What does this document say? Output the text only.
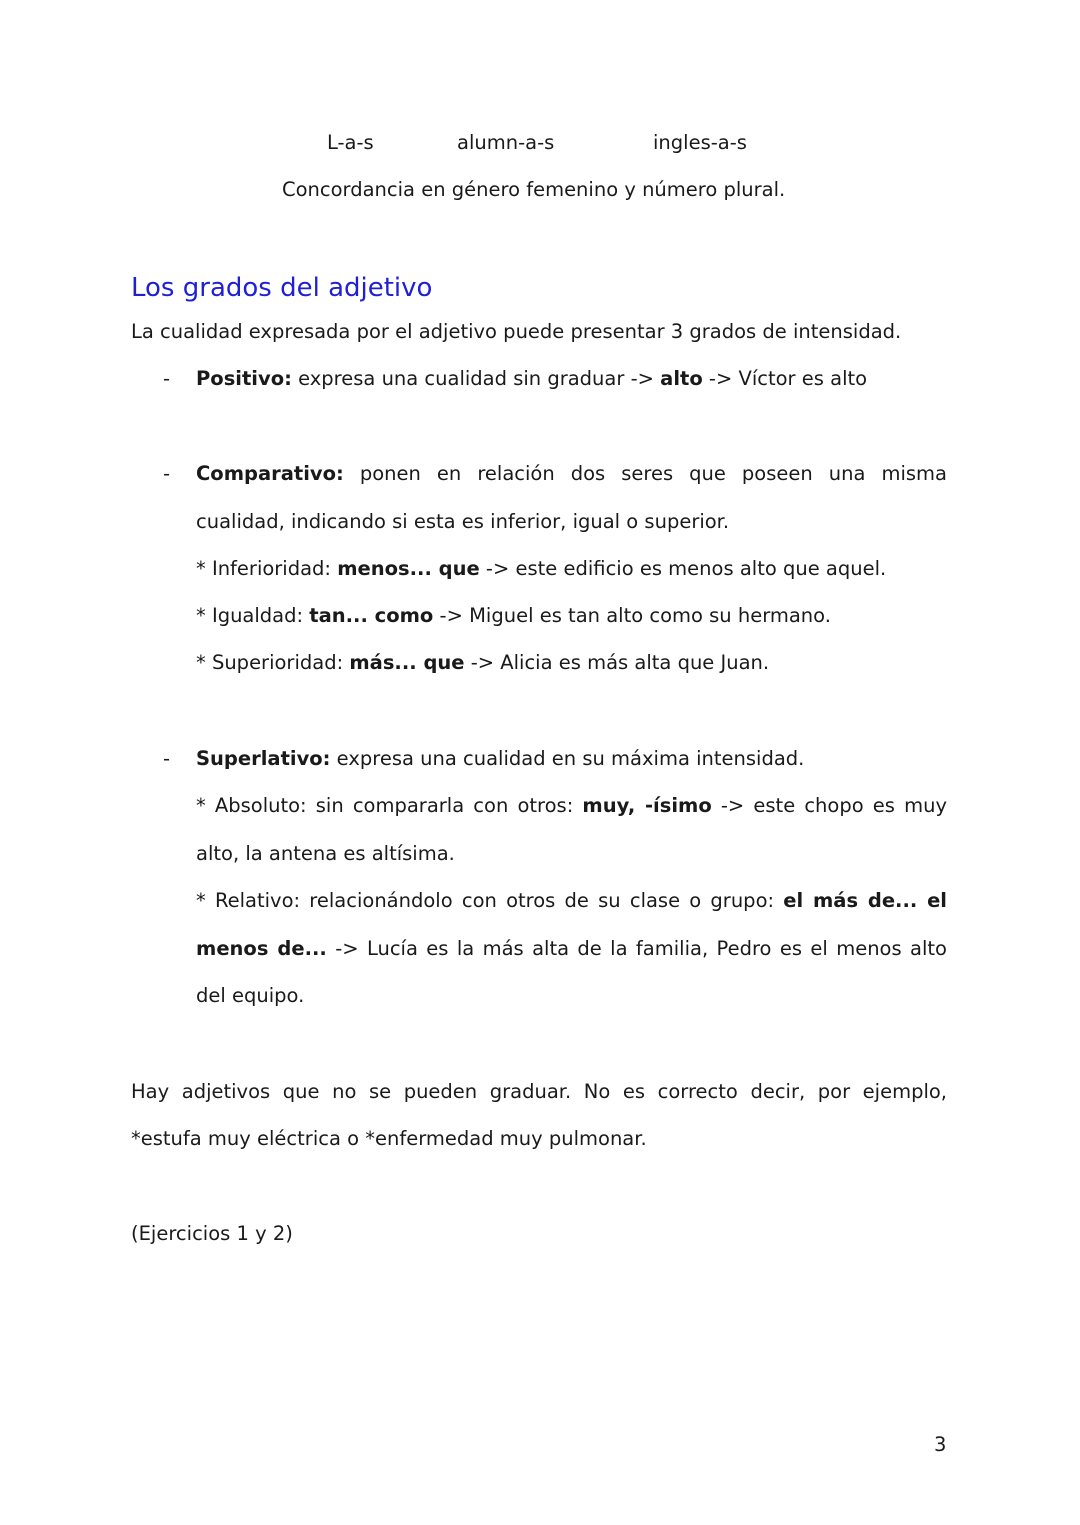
L-a-s	alumn-a-s	ingles-a-s
Concordancia en género femenino y número plural.
Los grados del adjetivo
La cualidad expresada por el adjetivo puede presentar 3 grados de intensidad.
- Positivo: expresa una cualidad sin graduar -> alto -> Víctor es alto
- Comparativo: ponen en relación dos seres que poseen una misma
cualidad, indicando si esta es inferior, igual o superior.
* Inferioridad: menos... que -> este edificio es menos alto que aquel.
* Igualdad: tan... como -> Miguel es tan alto como su hermano.
* Superioridad: más... que -> Alicia es más alta que Juan.
- Superlativo: expresa una cualidad en su máxima intensidad.
* Absoluto: sin compararla con otros: muy, -ísimo -> este chopo es muy
alto, la antena es altísima.
* Relativo: relacionándolo con otros de su clase o grupo: el más de... el
menos de... -> Lucía es la más alta de la familia, Pedro es el menos alto
del equipo.
Hay adjetivos que no se pueden graduar. No es correcto decir, por ejemplo,
*estufa muy eléctrica o *enfermedad muy pulmonar.
(Ejercicios 1 y 2)
3
